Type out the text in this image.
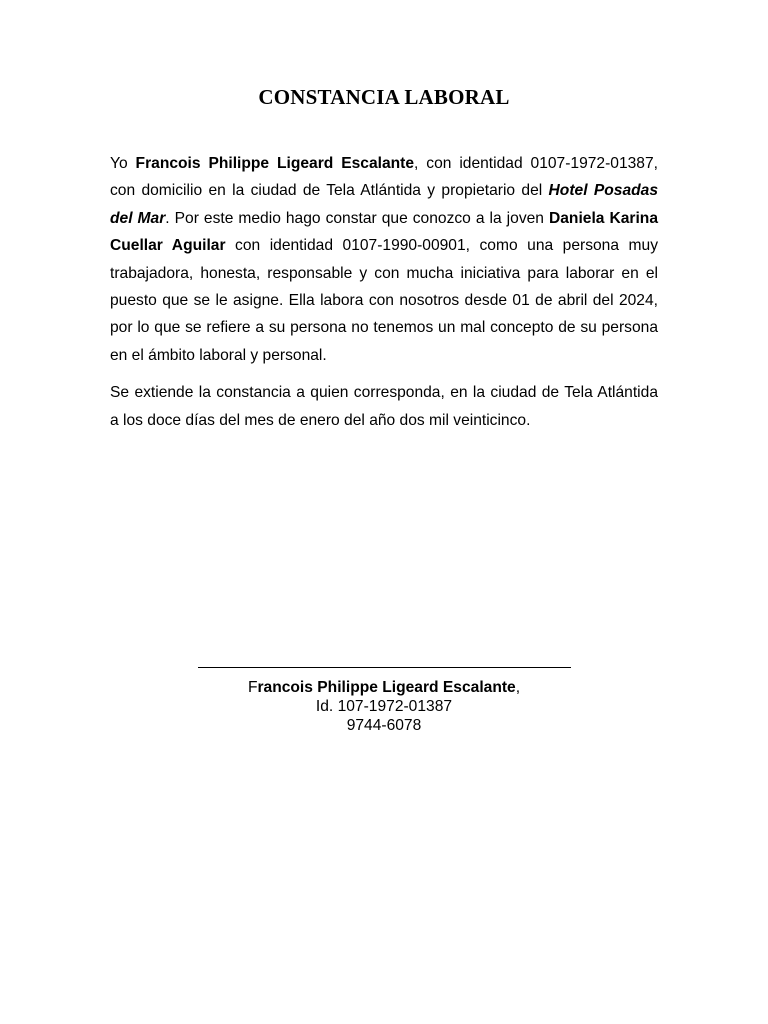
CONSTANCIA LABORAL

Yo Francois Philippe Ligeard Escalante, con identidad 0107-1972-01387, con domicilio en la ciudad de Tela Atlántida y propietario del Hotel Posadas del Mar. Por este medio hago constar que conozco a la joven Daniela Karina Cuellar Aguilar con identidad 0107-1990-00901, como una persona muy trabajadora, honesta, responsable y con mucha iniciativa para laborar en el puesto que se le asigne. Ella labora con nosotros desde 01 de abril del 2024, por lo que se refiere a su persona no tenemos un mal concepto de su persona en el ámbito laboral y personal.

Se extiende la constancia a quien corresponda, en la ciudad de Tela Atlántida a los doce días del mes de enero del año dos mil veinticinco.

Francois Philippe Ligeard Escalante,
Id. 107-1972-01387
9744-6078
